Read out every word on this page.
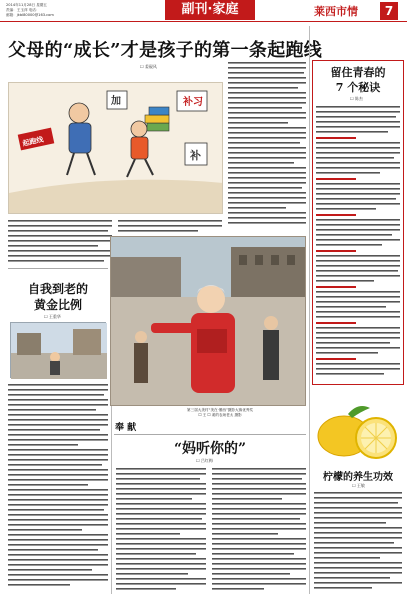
2014年11月28日 星期五
责编：王玉萍 电话：
邮箱：jkbl80000@163.com	副刊·家庭	莱西市情	7
父母的“成长”才是孩子的第一条起跑线
☐ 姜砚风
起跑线
补习
补
加
自我到老的
黄金比例
☐ 王重华
第三届大美村“美在·墨西”摄影大赛优秀奖
☐ 王 ☐ 姜的农场老太 摄影
奉 献
“妈听你的”
☐ 吕红梅
留住青春的
7 个秘诀
☐ 陈杰
柠檬的养生功效
☐ 王敏
